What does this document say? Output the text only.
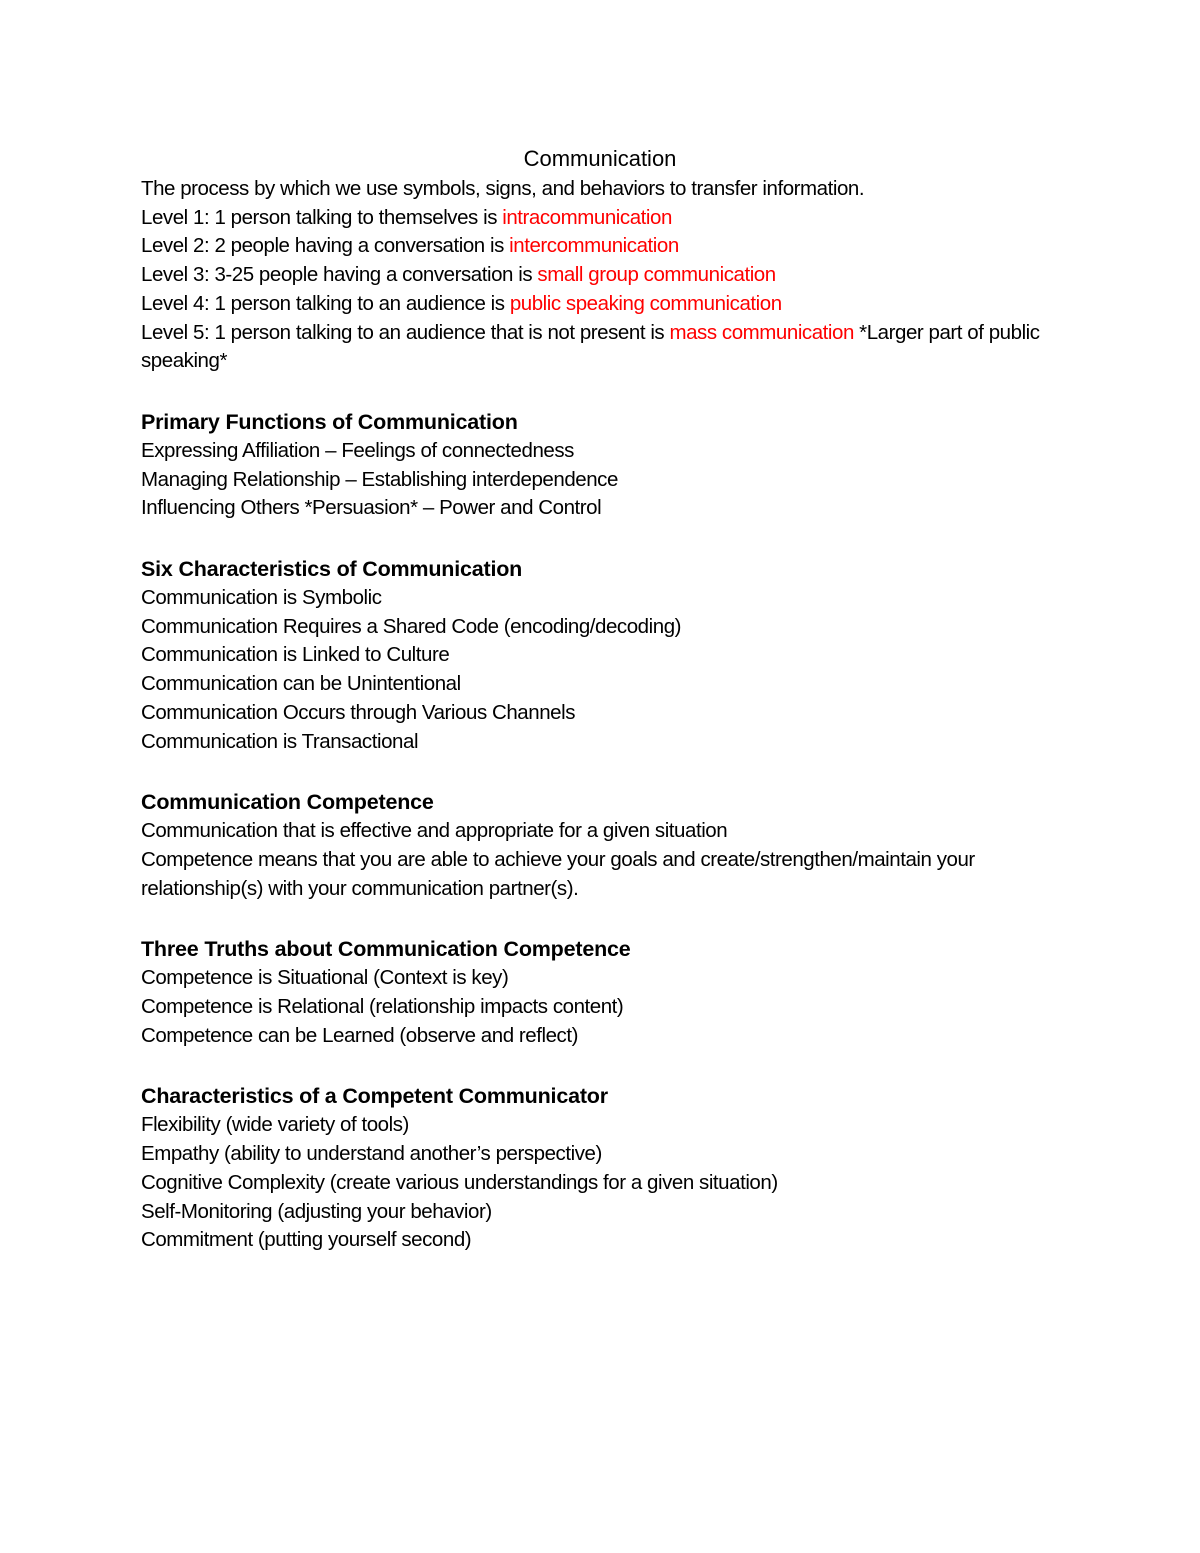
Communication
The process by which we use symbols, signs, and behaviors to transfer information.
Level 1: 1 person talking to themselves is intracommunication
Level 2: 2 people having a conversation is intercommunication
Level 3: 3-25 people having a conversation is small group communication
Level 4: 1 person talking to an audience is public speaking communication
Level 5: 1 person talking to an audience that is not present is mass communication *Larger part of public speaking*
Primary Functions of Communication
Expressing Affiliation – Feelings of connectedness
Managing Relationship – Establishing interdependence
Influencing Others *Persuasion* – Power and Control
Six Characteristics of Communication
Communication is Symbolic
Communication Requires a Shared Code (encoding/decoding)
Communication is Linked to Culture
Communication can be Unintentional
Communication Occurs through Various Channels
Communication is Transactional
Communication Competence
Communication that is effective and appropriate for a given situation
Competence means that you are able to achieve your goals and create/strengthen/maintain your relationship(s) with your communication partner(s).
Three Truths about Communication Competence
Competence is Situational (Context is key)
Competence is Relational (relationship impacts content)
Competence can be Learned (observe and reflect)
Characteristics of a Competent Communicator
Flexibility (wide variety of tools)
Empathy (ability to understand another’s perspective)
Cognitive Complexity (create various understandings for a given situation)
Self-Monitoring (adjusting your behavior)
Commitment (putting yourself second)
